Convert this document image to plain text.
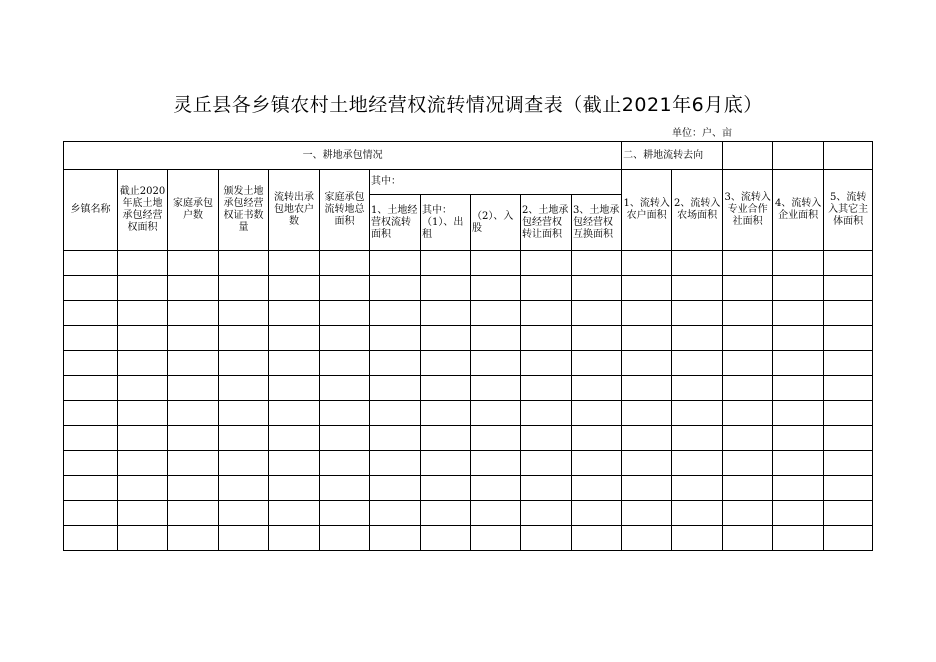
灵丘县各乡镇农村土地经营权流转情况调查表（截止2021年6月底）
单位：户、亩
一、耕地承包情况											二、耕地流转去向				
乡镇名称	截止2020年底土地承包经营权面积	家庭承包户数	颁发土地承包经营权证书数量	流转出承包地农户数	家庭承包流转地总面积	其中：					1、流转入农户面积	2、流转入农场面积	3、流转入专业合作社面积	4、流转入企业面积	5、流转入其它主体面积
						1、土地经营权流转面积	其中：（1）、出租	（2）、入股	2、土地承包经营权转让面积	3、土地承包经营权互换面积					
